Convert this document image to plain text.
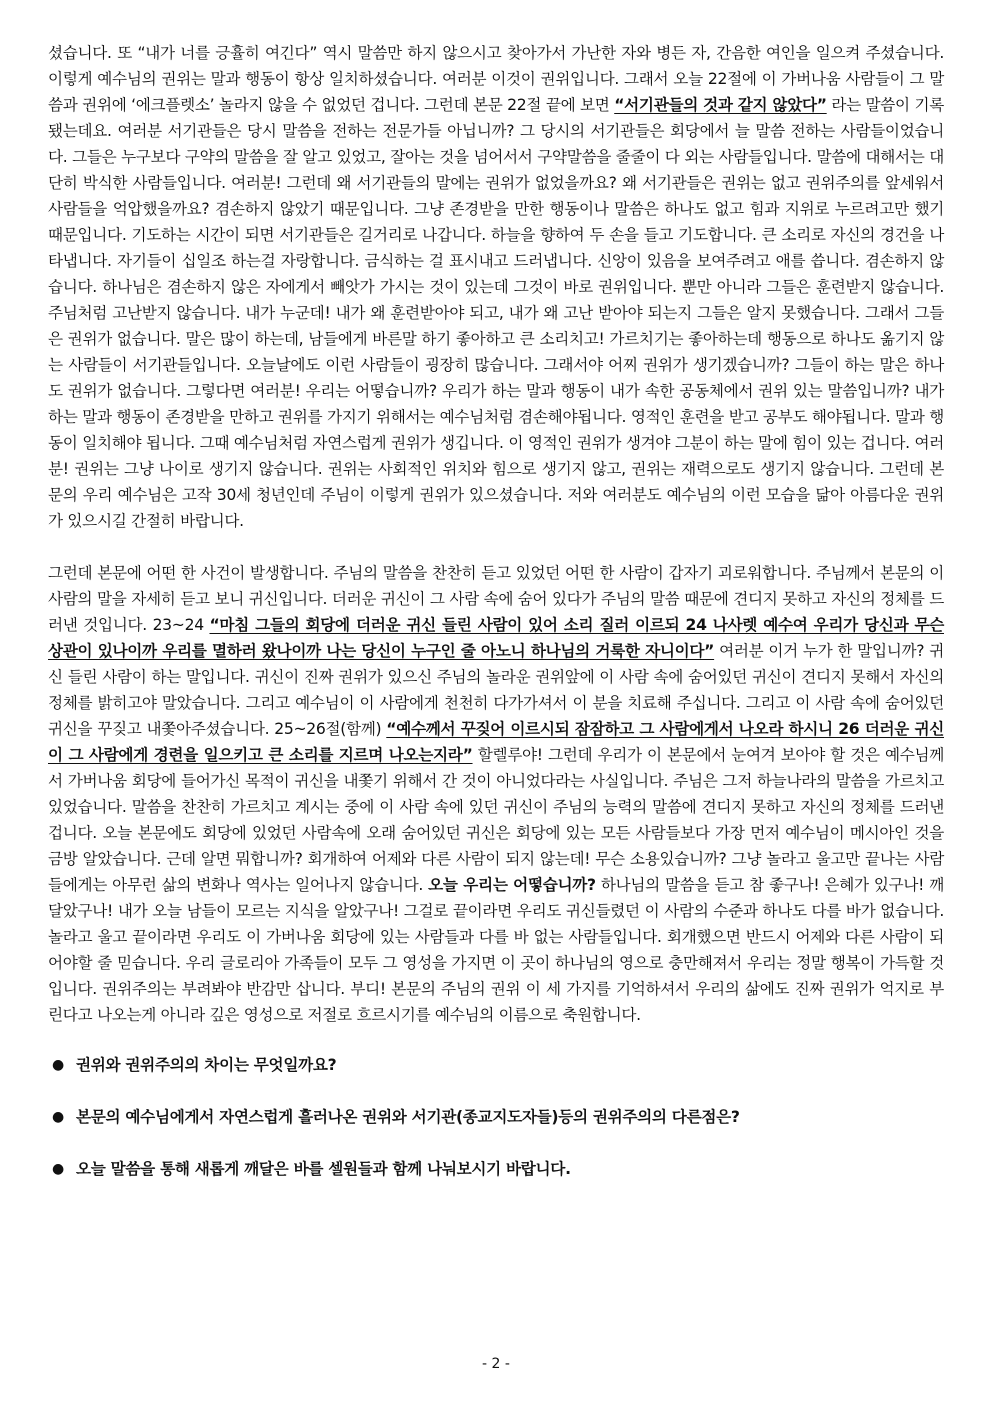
셨습니다. 또 “내가 너를 긍휼히 여긴다” 역시 말씀만 하지 않으시고 찾아가서 가난한 자와 병든 자, 간음한 여인을 일으켜 주셨습니다. 이렇게 예수님의 권위는 말과 행동이 항상 일치하셨습니다. 여러분 이것이 권위입니다. 그래서 오늘 22절에 이 가버나움 사람들이 그 말씀과 권위에 ‘에크플렛소’ 놀라지 않을 수 없었던 겁니다. 그런데 본문 22절 끝에 보면 “서기관들의 것과 같지 않았다” 라는 말씀이 기록됐는데요. 여러분 서기관들은 당시 말씀을 전하는 전문가들 아닙니까? 그 당시의 서기관들은 회당에서 늘 말씀 전하는 사람들이었습니다. 그들은 누구보다 구약의 말씀을 잘 알고 있었고, 잘아는 것을 넘어서서 구약말씀을 줄줄이 다 외는 사람들입니다. 말씀에 대해서는 대단히 박식한 사람들입니다. 여러분! 그런데 왜 서기관들의 말에는 권위가 없었을까요? 왜 서기관들은 권위는 없고 권위주의를 앞세워서 사람들을 억압했을까요? 겸손하지 않았기 때문입니다. 그냥 존경받을 만한 행동이나 말씀은 하나도 없고 힘과 지위로 누르려고만 했기 때문입니다. 기도하는 시간이 되면 서기관들은 길거리로 나갑니다. 하늘을 향하여 두 손을 들고 기도합니다. 큰 소리로 자신의 경건을 나타냅니다. 자기들이 십일조 하는걸 자랑합니다. 금식하는 걸 표시내고 드러냅니다. 신앙이 있음을 보여주려고 애를 씁니다. 겸손하지 않습니다. 하나님은 겸손하지 않은 자에게서 빼앗가 가시는 것이 있는데 그것이 바로 권위입니다. 뿐만 아니라 그들은 훈련받지 않습니다. 주님처럼 고난받지 않습니다. 내가 누군데! 내가 왜 훈련받아야 되고, 내가 왜 고난 받아야 되는지 그들은 알지 못했습니다. 그래서 그들은 권위가 없습니다. 말은 많이 하는데, 남들에게 바른말 하기 좋아하고 큰 소리치고! 가르치기는 좋아하는데 행동으로 하나도 옮기지 않는 사람들이 서기관들입니다. 오늘날에도 이런 사람들이 굉장히 많습니다. 그래서야 어찌 권위가 생기겠습니까? 그들이 하는 말은 하나도 권위가 없습니다. 그렇다면 여러분! 우리는 어떻습니까? 우리가 하는 말과 행동이 내가 속한 공동체에서 권위 있는 말씀입니까? 내가 하는 말과 행동이 존경받을 만하고 권위를 가지기 위해서는 예수님처럼 겸손해야됩니다. 영적인 훈련을 받고 공부도 해야됩니다. 말과 행동이 일치해야 됩니다. 그때 예수님처럼 자연스럽게 권위가 생깁니다. 이 영적인 권위가 생겨야 그분이 하는 말에 힘이 있는 겁니다. 여러분! 권위는 그냥 나이로 생기지 않습니다. 권위는 사회적인 위치와 힘으로 생기지 않고, 권위는 재력으로도 생기지 않습니다. 그런데 본문의 우리 예수님은 고작 30세 청년인데 주님이 이렇게 권위가 있으셨습니다. 저와 여러분도 예수님의 이런 모습을 닮아 아름다운 권위가 있으시길 간절히 바랍니다.

그런데 본문에 어떤 한 사건이 발생합니다. 주님의 말씀을 찬찬히 듣고 있었던 어떤 한 사람이 갑자기 괴로워합니다. 주님께서 본문의 이 사람의 말을 자세히 듣고 보니 귀신입니다. 더러운 귀신이 그 사람 속에 숨어 있다가 주님의 말씀 때문에 견디지 못하고 자신의 정체를 드러낸 것입니다. 23~24 “마침 그들의 회당에 더러운 귀신 들린 사람이 있어 소리 질러 이르되 24 나사렛 예수여 우리가 당신과 무슨 상관이 있나이까 우리를 멸하러 왔나이까 나는 당신이 누구인 줄 아노니 하나님의 거룩한 자니이다” 여러분 이거 누가 한 말입니까? 귀신 들린 사람이 하는 말입니다. 귀신이 진짜 권위가 있으신 주님의 놀라운 권위앞에 이 사람 속에 숨어있던 귀신이 견디지 못해서 자신의 정체를 밝히고야 말았습니다. 그리고 예수님이 이 사람에게 천천히 다가가셔서 이 분을 치료해 주십니다. 그리고 이 사람 속에 숨어있던 귀신을 꾸짖고 내쫓아주셨습니다. 25~26절(함께) “예수께서 꾸짖어 이르시되 잠잠하고 그 사람에게서 나오라 하시니 26 더러운 귀신이 그 사람에게 경련을 일으키고 큰 소리를 지르며 나오는지라” 할렐루야! 그런데 우리가 이 본문에서 눈여겨 보아야 할 것은 예수님께서 가버나움 회당에 들어가신 목적이 귀신을 내쫓기 위해서 간 것이 아니었다라는 사실입니다. 주님은 그저 하늘나라의 말씀을 가르치고 있었습니다. 말씀을 찬찬히 가르치고 계시는 중에 이 사람 속에 있던 귀신이 주님의 능력의 말씀에 견디지 못하고 자신의 정체를 드러낸 겁니다. 오늘 본문에도 회당에 있었던 사람속에 오래 숨어있던 귀신은 회당에 있는 모든 사람들보다 가장 먼저 예수님이 메시아인 것을 금방 알았습니다. 근데 알면 뭐합니까? 회개하여 어제와 다른 사람이 되지 않는데! 무슨 소용있습니까? 그냥 놀라고 울고만 끝나는 사람들에게는 아무런 삶의 변화나 역사는 일어나지 않습니다. 오늘 우리는 어떻습니까? 하나님의 말씀을 듣고 참 좋구나! 은혜가 있구나! 깨달았구나! 내가 오늘 남들이 모르는 지식을 알았구나! 그걸로 끝이라면 우리도 귀신들렸던 이 사람의 수준과 하나도 다를 바가 없습니다. 놀라고 울고 끝이라면 우리도 이 가버나움 회당에 있는 사람들과 다를 바 없는 사람들입니다. 회개했으면 반드시 어제와 다른 사람이 되어야할 줄 믿습니다. 우리 글로리아 가족들이 모두 그 영성을 가지면 이 곳이 하나님의 영으로 충만해져서 우리는 정말 행복이 가득할 것입니다. 권위주의는 부려봐야 반감만 삽니다. 부디! 본문의 주님의 권위 이 세 가지를 기억하셔서 우리의 삶에도 진짜 권위가 억지로 부린다고 나오는게 아니라 깊은 영성으로 저절로 흐르시기를 예수님의 이름으로 축원합니다.

● 권위와 권위주의의 차이는 무엇일까요?
● 본문의 예수님에게서 자연스럽게 흘러나온 권위와 서기관(종교지도자들)등의 권위주의의 다른점은?
● 오늘 말씀을 통해 새롭게 깨달은 바를 셀원들과 함께 나눠보시기 바랍니다.
- 2 -
